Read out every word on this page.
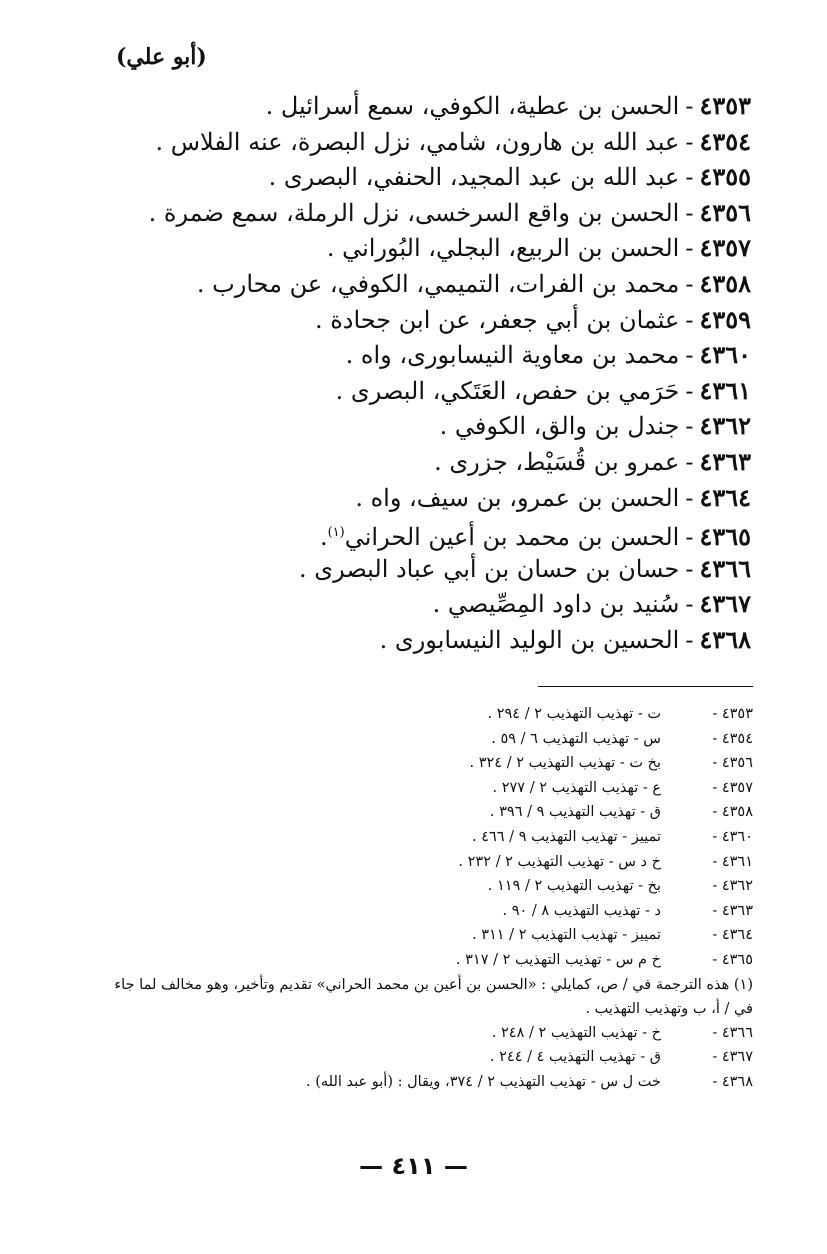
(أبو علي)
٤٣٥٣-الحسن بن عطية، الكوفي، سمع أسرائيل .
٤٣٥٤-عبد الله بن هارون، شامي، نزل البصرة، عنه الفلاس .
٤٣٥٥-عبد الله بن عبد المجيد، الحنفي، البصرى .
٤٣٥٦-الحسن بن واقع السرخسى، نزل الرملة، سمع ضمرة .
٤٣٥٧-الحسن بن الربيع، البجلي، البُوراني .
٤٣٥٨-محمد بن الفرات، التميمي، الكوفي، عن محارب .
٤٣٥٩-عثمان بن أبي جعفر، عن ابن جحادة .
٤٣٦٠-محمد بن معاوية النيسابورى، واه .
٤٣٦١-حَرَمي بن حفص، العَتَكي، البصرى .
٤٣٦٢-جندل بن والق، الكوفي .
٤٣٦٣-عمرو بن قُسَيْط، جزرى .
٤٣٦٤-الحسن بن عمرو، بن سيف، واه .
٤٣٦٥-الحسن بن محمد بن أعين الحراني$^{(١)}$.
٤٣٦٦-حسان بن حسان بن أبي عباد البصرى .
٤٣٦٧-سُنيد بن داود المِصِّيصي .
٤٣٦٨-الحسين بن الوليد النيسابورى .
٤٣٥٣ -
ت - تهذيب التهذيب ٢ / ٢٩٤ .
٤٣٥٤ -
س - تهذيب التهذيب ٦ / ٥٩ .
٤٣٥٦ -
بخ ت - تهذيب التهذيب ٢ / ٣٢٤ .
٤٣٥٧ -
ع - تهذيب التهذيب ٢ / ٢٧٧ .
٤٣٥٨ -
ق - تهذيب التهذيب ٩ / ٣٩٦ .
٤٣٦٠ -
تمييز - تهذيب التهذيب ٩ / ٤٦٦ .
٤٣٦١ -
خ د س - تهذيب التهذيب ٢ / ٢٣٢ .
٤٣٦٢ -
بخ - تهذيب التهذيب ٢ / ١١٩ .
٤٣٦٣ -
د - تهذيب التهذيب ٨ / ٩٠ .
٤٣٦٤ -
تمييز - تهذيب التهذيب ٢ / ٣١١ .
٤٣٦٥ -
خ م س - تهذيب التهذيب ٢ / ٣١٧ .
(١) هذه الترجمة في / ص، كمايلي : «الحسن بن أعين بن محمد الحراني» تقديم وتأخير، وهو مخالف لما جاء
في / أ، ب وتهذيب التهذيب .
٤٣٦٦ -
خ - تهذيب التهذيب ٢ / ٢٤٨ .
٤٣٦٧ -
ق - تهذيب التهذيب ٤ / ٢٤٤ .
٤٣٦٨ -
خت ل س - تهذيب التهذيب ٢ / ٣٧٤، ويقال : (أبو عبد الله) .
— ٤١١ —
